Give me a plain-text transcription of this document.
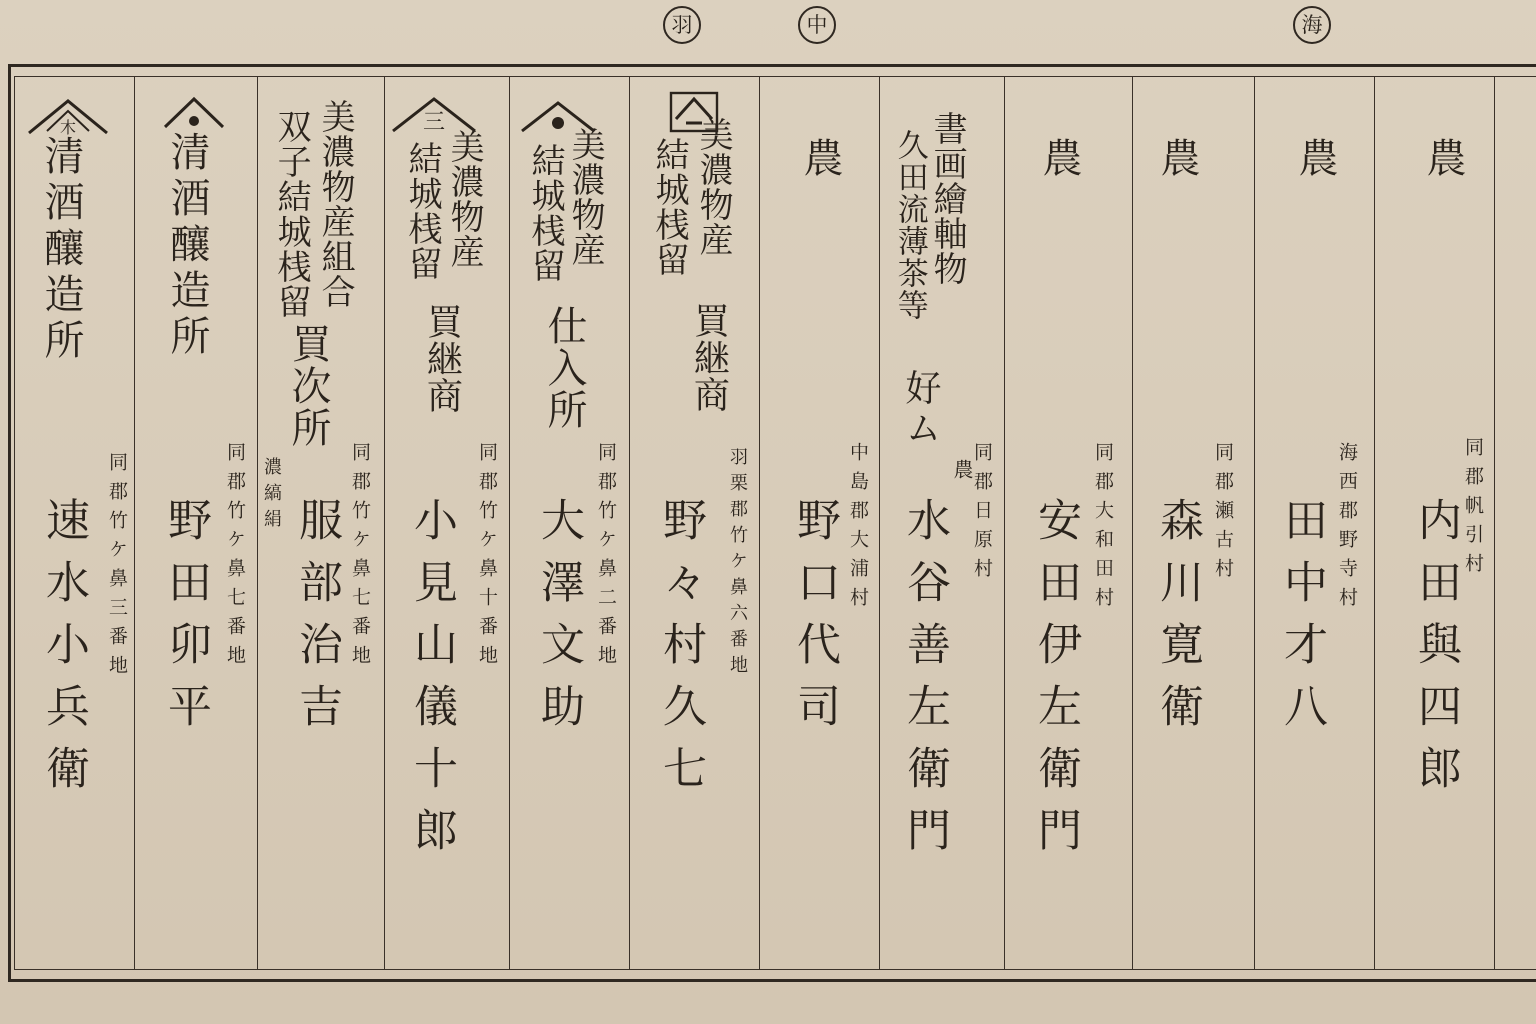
羽	中	海
農
同郡帆引村
内田與四郎
農
海西郡野寺村
田中才八
農
同郡瀬古村
森川寛衛
農
同郡大和田村
安田伊左衛門
書画繪軸物
久田流薄茶等
好ム
同郡日原村
農
水谷善左衛門
農
中島郡大浦村
野口代司
美濃物産
結城桟留
買継商
羽栗郡竹ケ鼻六番地
野々村久七
美濃物産
結城桟留
仕入所
同郡竹ケ鼻二番地
大澤文助
三
美濃物産
結城桟留
買継商
同郡竹ケ鼻十番地
小見山儀十郎
美濃物産組合
双子結城桟留
買次所
同郡竹ケ鼻七番地
濃縞絹
服部治吉
清酒釀造所
同郡竹ケ鼻七番地
野田卯平
木
清酒釀造所
同郡竹ケ鼻三番地
速水小兵衛
